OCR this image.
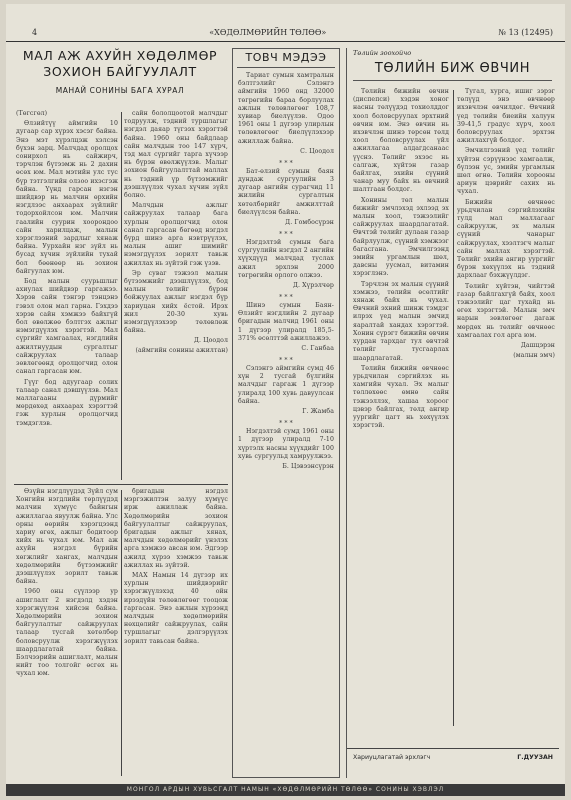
4	«ХӨДӨЛМӨРИЙН ТӨЛӨӨ»	№ 13 (12495)
МАЛ АЖ АХУЙН ХӨДӨЛМӨР
ЗОХИОН БАЙГУУЛАЛТ
МАНАЙ СОНИНЫ БАГА ХУРАЛ

(Төгсгөл)

Өлзийтүү аймгийн 10 дугаар сар хүрэх хэсэг байна. Энэ мэт хүрэлцэж хэлсэн бүхэн зарц. Малчдад оролцох сонирхол нь сайжирч, тэрчлэн бүтээмж нь 2 дахин өсөх юм. Мал мэтийн улс тус бүр тэтгэлгийн олзоо ихэсгэж байна. Үүнд гарсан нэгэн шийдвэр нь малчин өрхийн нэгдлээс анхаарах зүйлийг тодорхойлсон юм. Малчин гаалийн суурин хоорондоо сайн харилцаж, малын хэрэглээний зардлыг хянаж байна. Уурхайн нэг зүйл нь бусад хүчин зүйлийн тухай бол бөөнөөр нь зохион байгуулах юм.

Бод малын суурьшлыг ахиулах шийдвэр гаргажээ. Хэрэв сайн тэнгэр тэнцэнэ гэвэл олон мал гарна. Гэхдээ хэрэв сайн хэмжээ байхгүй бол өвөлжөө бэлтгэх ажлыг нэмэгдүүлэх хэрэгтэй. Мал сүргийг хамгаалах, нэгдлийн ажилтнуудын сургалтыг сайжруулах талаар зөвлөгөөнд оролцогчид олон санал гаргасан юм.

Гүүг бод адуугаар солих талаар санал дэвшүүлэв. Мал маллагааны дүрмийг мөрдөхөд анхаарах хэрэгтэй гэж хурлын оролцогчид тэмдэглэв.

сайн бололцоотой малчдыг тодруулж, тэдний туршлагыг нэгдэл даяар түгээх хэрэгтэй байна. 1960 оны байдлаар сайн малчдын тоо 147 хүрч, тэд мал сүргийг тарга хүчээр нь бүрэн өвөлжүүлэв. Малыг зохион байгуулалттай маллах нь тэдний үр бүтээмжийг дээшлүүлэх чухал хүчин зүйл болно.

Малчдын ажлыг сайжруулах талаар бага хурлын оролцогчид олон санал гаргасан бөгөөд нэгдэл бүрд шинэ арга нэвтрүүлэх, малын ашиг шимийг нэмэгдүүлэх зорилт тавьж ажиллах нь зүйтэй гэж үзэв.

Эр суваг тэжээл малын бүтээмжийг дээшлүүлэх, бод малын төлийг бүрэн бойжуулах ажлыг нэгдэл бүр хариуцан хийх ёстой. Ирэх жил 20-30 хувь нэмэгдүүлэхээр төлөвлөж байна.

Д. Цоодол
(аймгийн сонины ажилтан)

Өзүйн нэгдлүүдэд Зүйл сум Хонгийн нэгдлийн төрлүүдэд малчин хүмүүс байнгын ажиллагаа явуулж байна. Улс орны өөрийн хэрэгцээнд хариу өгөх, ажлыг бодитоор хийх нь чухал юм. Мал аж ахуйн нэгдэл бүрийн хөгжлийг хангах, малчдын хөдөлмөрийн бүтээмжийг дээшлүүлэх зорилт тавьж байна.

1960 оны сүүлээр ур ашиглалт 2 нэгдэлд хэдэн хэрэгжүүлэн хийсэн байна. Хөдөлмөрийн зохион байгуулалтыг сайжруулах талаар тусгай хөтөлбөр боловсруулж хэрэгжүүлэх шаардлагатай байна. Бэлчээрийн ашиглалт, малын нийт тоо толгойг өсгөх нь чухал юм.

бригадын нэгдэл мэргэжилтэн залуу хүмүүс ирж ажиллаж байна. Хөдөлмөрийн зохион байгуулалтыг сайжруулах, бригадын ажлыг хянах, малчдын хөдөлмөрийг үнэлэх арга хэмжээ авсан юм. Эдгээр ажилд хүрээ хэмжээ тавьж ажиллах нь зүйтэй.

МАХ Намын 14 дүгээр их хурлын шийдвэрийг хэрэгжүүлэхэд 40 ойн ирээдүйн төлөвлөгөөг тооцож гаргасан. Энэ ажлын хүрээнд малчдын хөдөлмөрийн нөхцөлийг сайжруулах, сайн туршлагыг дэлгэрүүлэх зорилт тавьсан байна.

ТОВЧ МЭДЭЭ

Тариат сумын хамтралын бэлтгэлийг Сэлэнгэ аймгийн 1960 онд 32000 төгрөгийн бараа борлуулах ажлын төлөвлөгөөг 108,7 хувиар биелүүлэв. Одоо 1961 оны 1 дүгээр улирлын төлөвлөгөөг биелүүлэхээр ажиллаж байна.

С. Цоодол
* * *

Бат-өлзий сумын баян дундаж сургуулийн 3 дугаар ангийн сурагчид 11 жилийн сургалтын хөтөлбөрийг амжилттай биелүүлсэн байна.

Д. Гомбосүрэн
* * *

Нэгдэлтэй сумын бага сургуулийн нэгдэл 2 ангийн хүүхдүүд малчдад туслах ажил эрхлэн 2000 төгрөгийн орлого олжээ.

Д. Хүрэлчөр
* * *

Шинэ сумын Баян-Өлзийт нэгдлийн 2 дугаар бригадын малчид 1961 оны 1 дүгээр улиралд 185,5-371% өсөлттэй ажиллажээ.

С. Ганбаа
* * *

Сэлэнгэ аймгийн сумд 46 хүн 2 тусгай бүлгийн малчдыг гаргаж 1 дүгээр улиралд 100 хувь давуулсан байна.

Г. Жамба
* * *

Нэгдэлтэй сумд 1961 оны 1 дүгээр улиралд 7-10 хүртэлх насны хүүхдийг 100 хувь сургуульд хамруулжээ.

Б. Цэвээнсүрэн
Төлийн зоохойчо
ТӨЛИЙН БИЖ ӨВЧИН

Төлийн бижийн өвчин (диспепси) хэдэн хоног насны төлүүдэд тохиолддог хоол боловсруулах эрхтний өвчин юм. Энэ өвчин нь ихэвчлэн шинэ төрсөн төлд хоол боловсруулах үйл ажиллагаа алдагдсанаас үүснэ. Төлийг эхээс нь салгаж, хүйтэн газар байлгах, эхийн сүүний чанар муу байх нь өвчний шалтгаан болдог.

Хонины төл малын бижийг эмчлэхэд эхлээд эх малын хоол, тэжээлийг сайжруулах шаардлагатай. Өвчтэй төлийг дулаан газар байрлуулж, сүүний хэмжээг багасгана. Эмчилгээнд эмийн ургамлын шөл, давсны уусмал, витамин хэрэглэнэ.

Тэрчлэн эх малын сүүний хэмжээ, төлийн өсөлтийг хянаж байх нь чухал. Өвчний эхний шинж тэмдэг илрэх үед малын эмчид яаралтай хандах хэрэгтэй. Хонин сүрэгт бижийн өвчин хурдан тархдаг тул өвчтэй төлийг тусгаарлах шаардлагатай.

Төлийн бижийн өвчнөөс урьдчилан сэргийлэх нь хамгийн чухал. Эх малыг төллөхөөс өмнө сайн тэжээллэх, хашаа хороог цэвэр байлгах, төлд ангир уургийг цагт нь хөхүүлэх хэрэгтэй.

Тугал, хурга, ишиг зэрэг төлүүд энэ өвчнөөр ихэвчлэн өвчилдөг. Өвчний үед төлийн биеийн халуун 39-41,5 градус хүрч, хоол боловсруулах эрхтэн ажиллахгүй болдог.

Эмчилгээний үед төлийг хүйтэн сэрүүнээс хамгаалж, бүлээн ус, эмийн ургамлын шөл өгнө. Төлийн хорооны ариун цэврийг сахих нь чухал.

Бижийн өвчнөөс урьдчилан сэргийлэхийн тулд мал маллагааг сайжруулж, эх малын сүүний чанарыг сайжруулах, хээлтэгч малыг сайн маллах хэрэгтэй. Төлийг эхийн ангир уургийг бүрэн хөхүүлэх нь тэдний дархлааг бэхжүүлдэг.

Төлийг хүйтэн, чийгтэй газар байлгахгүй байх, хоол тэжээлийг цаг тухайд нь өгөх хэрэгтэй. Малын эмч нарын зөвлөгөөг дагаж мөрдөх нь төлийг өвчнөөс хамгаалах гол арга юм.

Дашцэрэн
(малын эмч)
Хариуцлагатай эрхлэгч	Г.ДУУЗАН
МОНГОЛ АРДЫН ХУВЬСГАЛТ НАМЫН «ХӨДӨЛМӨРИЙН ТӨЛӨӨ» СОНИНЫ ХЭВЛЭЛ
